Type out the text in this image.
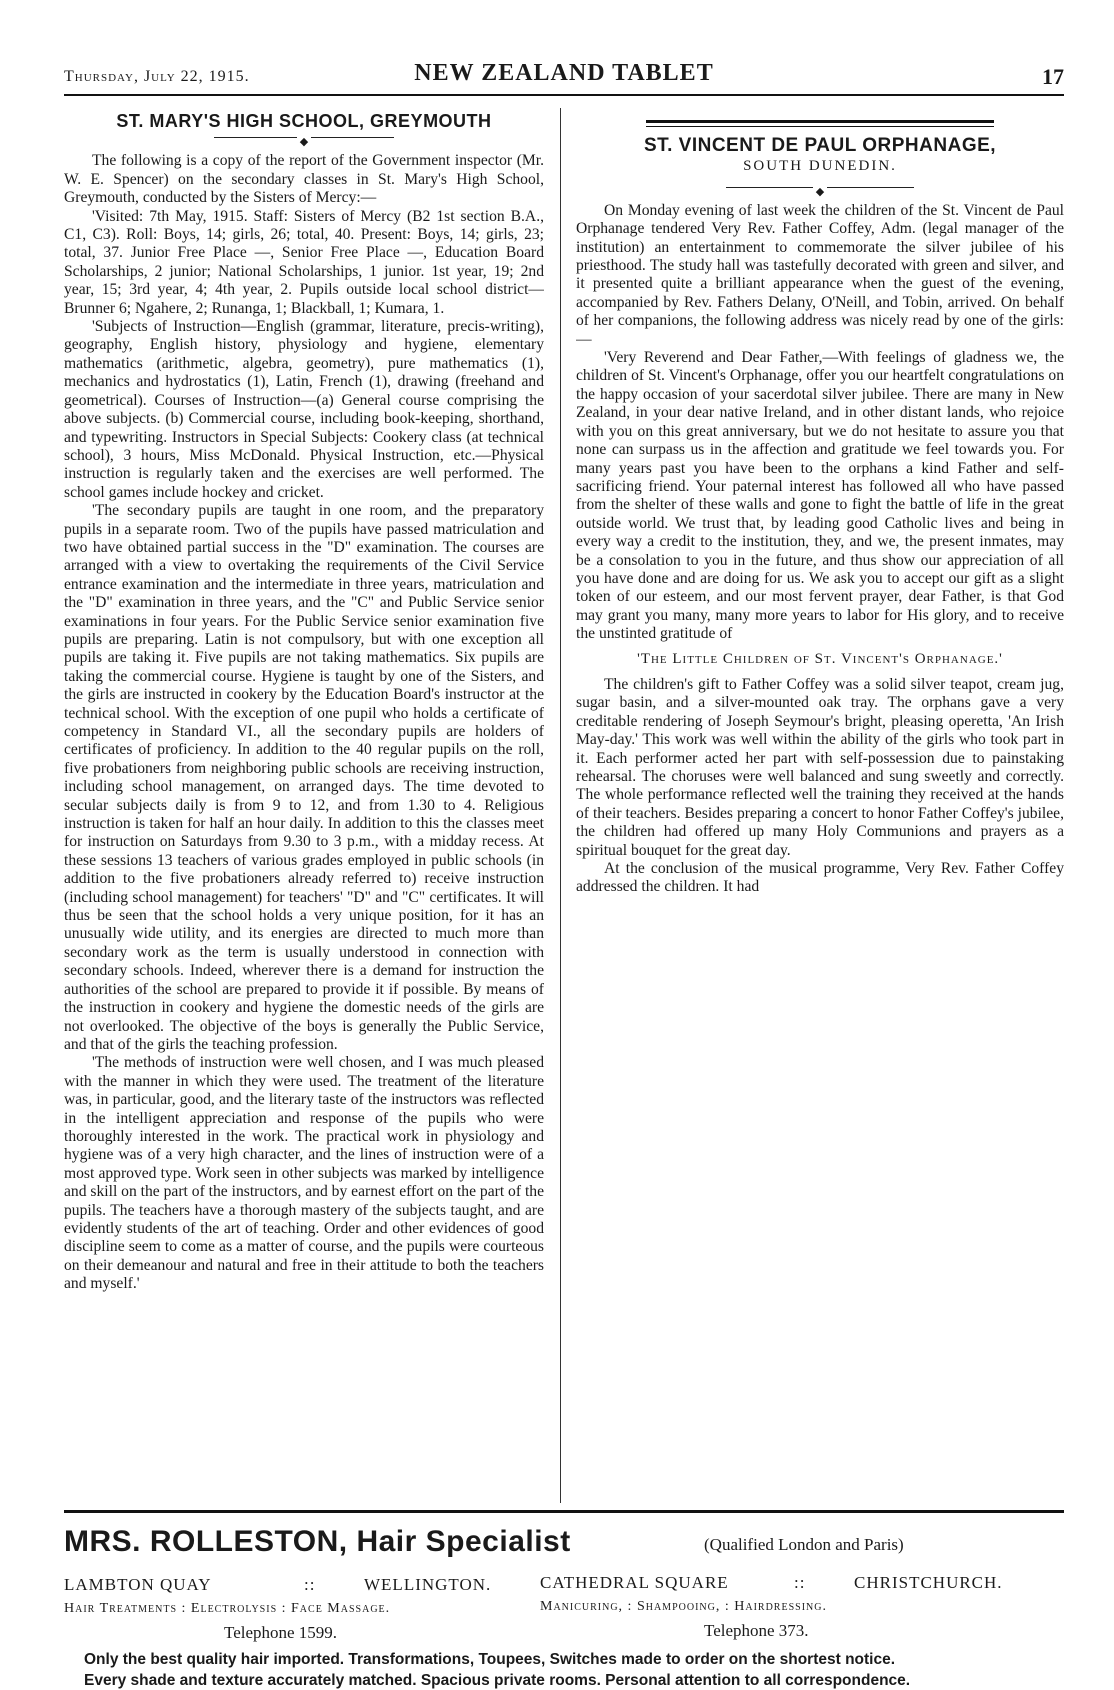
Thursday, July 22, 1915.	NEW ZEALAND TABLET	17
ST. MARY'S HIGH SCHOOL, GREYMOUTH
◆

The following is a copy of the report of the Government inspector (Mr. W. E. Spencer) on the secondary classes in St. Mary's High School, Greymouth, conducted by the Sisters of Mercy:—

'Visited: 7th May, 1915. Staff: Sisters of Mercy (B2 1st section B.A., C1, C3). Roll: Boys, 14; girls, 26; total, 40. Present: Boys, 14; girls, 23; total, 37. Junior Free Place —, Senior Free Place —, Education Board Scholarships, 2 junior; National Scholarships, 1 junior. 1st year, 19; 2nd year, 15; 3rd year, 4; 4th year, 2. Pupils outside local school district—Brunner 6; Ngahere, 2; Runanga, 1; Blackball, 1; Kumara, 1.

'Subjects of Instruction—English (grammar, literature, precis-writing), geography, English history, physiology and hygiene, elementary mathematics (arithmetic, algebra, geometry), pure mathematics (1), mechanics and hydrostatics (1), Latin, French (1), drawing (freehand and geometrical). Courses of Instruction—(a) General course comprising the above subjects. (b) Commercial course, including book-keeping, shorthand, and typewriting. Instructors in Special Subjects: Cookery class (at technical school), 3 hours, Miss McDonald. Physical Instruction, etc.—Physical instruction is regularly taken and the exercises are well performed. The school games include hockey and cricket.

'The secondary pupils are taught in one room, and the preparatory pupils in a separate room. Two of the pupils have passed matriculation and two have obtained partial success in the "D" examination. The courses are arranged with a view to overtaking the requirements of the Civil Service entrance examination and the intermediate in three years, matriculation and the "D" examination in three years, and the "C" and Public Service senior examinations in four years. For the Public Service senior examination five pupils are preparing. Latin is not compulsory, but with one exception all pupils are taking it. Five pupils are not taking mathematics. Six pupils are taking the commercial course. Hygiene is taught by one of the Sisters, and the girls are instructed in cookery by the Education Board's instructor at the technical school. With the exception of one pupil who holds a certificate of competency in Standard VI., all the secondary pupils are holders of certificates of proficiency. In addition to the 40 regular pupils on the roll, five probationers from neighboring public schools are receiving instruction, including school management, on arranged days. The time devoted to secular subjects daily is from 9 to 12, and from 1.30 to 4. Religious instruction is taken for half an hour daily. In addition to this the classes meet for instruction on Saturdays from 9.30 to 3 p.m., with a midday recess. At these sessions 13 teachers of various grades employed in public schools (in addition to the five probationers already referred to) receive instruction (including school management) for teachers' "D" and "C" certificates. It will thus be seen that the school holds a very unique position, for it has an unusually wide utility, and its energies are directed to much more than secondary work as the term is usually understood in connection with secondary schools. Indeed, wherever there is a demand for instruction the authorities of the school are prepared to provide it if possible. By means of the instruction in cookery and hygiene the domestic needs of the girls are not overlooked. The objective of the boys is generally the Public Service, and that of the girls the teaching profession.

'The methods of instruction were well chosen, and I was much pleased with the manner in which they were used. The treatment of the literature was, in particular, good, and the literary taste of the instructors was reflected in the intelligent appreciation and response of the pupils who were thoroughly interested in the work. The practical work in physiology and hygiene was of a very high character, and the lines of instruction were of a most approved type. Work seen in other subjects was marked by intelligence and skill on the part of the instructors, and by earnest effort on the part of the pupils. The teachers have a thorough mastery of the subjects taught, and are evidently students of the art of teaching. Order and other evidences of good discipline seem to come as a matter of course, and the pupils were courteous on their demeanour and natural and free in their attitude to both the teachers and myself.'

ST. VINCENT DE PAUL ORPHANAGE,
SOUTH DUNEDIN.
◆

On Monday evening of last week the children of the St. Vincent de Paul Orphanage tendered Very Rev. Father Coffey, Adm. (legal manager of the institution) an entertainment to commemorate the silver jubilee of his priesthood. The study hall was tastefully decorated with green and silver, and it presented quite a brilliant appearance when the guest of the evening, accompanied by Rev. Fathers Delany, O'Neill, and Tobin, arrived. On behalf of her companions, the following address was nicely read by one of the girls:—

'Very Reverend and Dear Father,—With feelings of gladness we, the children of St. Vincent's Orphanage, offer you our heartfelt congratulations on the happy occasion of your sacerdotal silver jubilee. There are many in New Zealand, in your dear native Ireland, and in other distant lands, who rejoice with you on this great anniversary, but we do not hesitate to assure you that none can surpass us in the affection and gratitude we feel towards you. For many years past you have been to the orphans a kind Father and self-sacrificing friend. Your paternal interest has followed all who have passed from the shelter of these walls and gone to fight the battle of life in the great outside world. We trust that, by leading good Catholic lives and being in every way a credit to the institution, they, and we, the present inmates, may be a consolation to you in the future, and thus show our appreciation of all you have done and are doing for us. We ask you to accept our gift as a slight token of our esteem, and our most fervent prayer, dear Father, is that God may grant you many, many more years to labor for His glory, and to receive the unstinted gratitude of

'The Little Children of St. Vincent's Orphanage.'

The children's gift to Father Coffey was a solid silver teapot, cream jug, sugar basin, and a silver-mounted oak tray. The orphans gave a very creditable rendering of Joseph Seymour's bright, pleasing operetta, 'An Irish May-day.' This work was well within the ability of the girls who took part in it. Each performer acted her part with self-possession due to painstaking rehearsal. The choruses were well balanced and sung sweetly and correctly. The whole performance reflected well the training they received at the hands of their teachers. Besides preparing a concert to honor Father Coffey's jubilee, the children had offered up many Holy Communions and prayers as a spiritual bouquet for the great day.

At the conclusion of the musical programme, Very Rev. Father Coffey addressed the children. It had

MRS. ROLLESTON, Hair Specialist	(Qualified London and Paris)
LAMBTON QUAY	::	WELLINGTON.
Hair Treatments : Electrolysis : Face Massage.
Telephone 1599.
CATHEDRAL SQUARE	::	CHRISTCHURCH.
Manicuring, : Shampooing, : Hairdressing.
Telephone 373.
Only the best quality hair imported. Transformations, Toupees, Switches made to order on the shortest notice.
Every shade and texture accurately matched. Spacious private rooms. Personal attention to all correspondence.
